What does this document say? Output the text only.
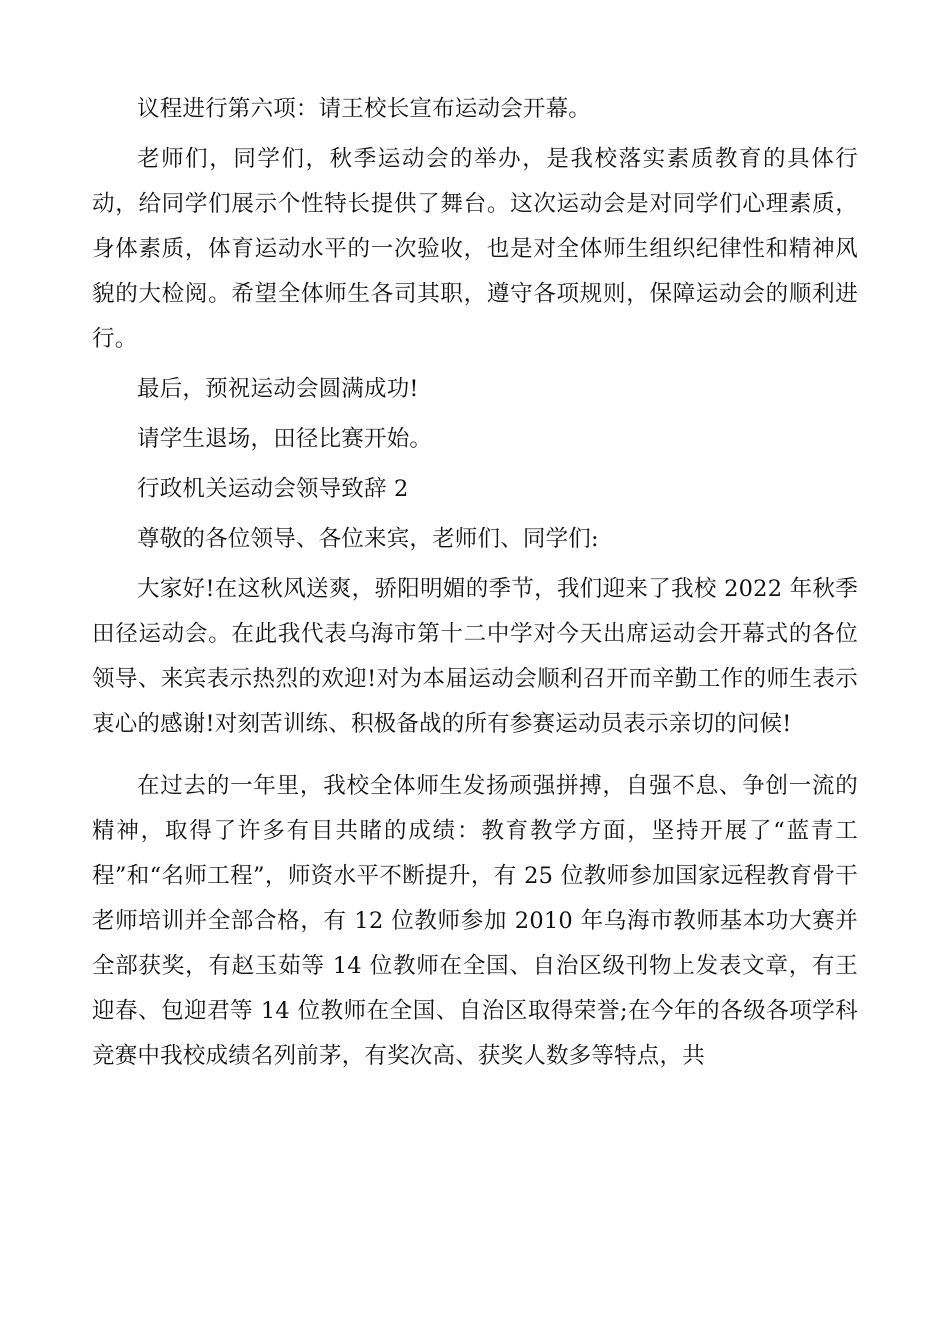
议程进行第六项：请王校长宣布运动会开幕。

老师们，同学们，秋季运动会的举办，是我校落实素质教育的具体行动，给同学们展示个性特长提供了舞台。这次运动会是对同学们心理素质，身体素质，体育运动水平的一次验收，也是对全体师生组织纪律性和精神风貌的大检阅。希望全体师生各司其职，遵守各项规则，保障运动会的顺利进行。

最后，预祝运动会圆满成功!

请学生退场，田径比赛开始。

行政机关运动会领导致辞 2

尊敬的各位领导、各位来宾，老师们、同学们:

大家好!在这秋风送爽，骄阳明媚的季节，我们迎来了我校 2022 年秋季田径运动会。在此我代表乌海市第十二中学对今天出席运动会开幕式的各位领导、来宾表示热烈的欢迎!对为本届运动会顺利召开而辛勤工作的师生表示衷心的感谢!对刻苦训练、积极备战的所有参赛运动员表示亲切的问候!

在过去的一年里，我校全体师生发扬顽强拼搏，自强不息、争创一流的精神，取得了许多有目共睹的成绩：教育教学方面，坚持开展了“蓝青工程”和“名师工程”，师资水平不断提升，有 25 位教师参加国家远程教育骨干老师培训并全部合格，有 12 位教师参加 2010 年乌海市教师基本功大赛并全部获奖，有赵玉茹等 14 位教师在全国、自治区级刊物上发表文章，有王迎春、包迎君等 14 位教师在全国、自治区取得荣誉;在今年的各级各项学科竞赛中我校成绩名列前茅，有奖次高、获奖人数多等特点，共
